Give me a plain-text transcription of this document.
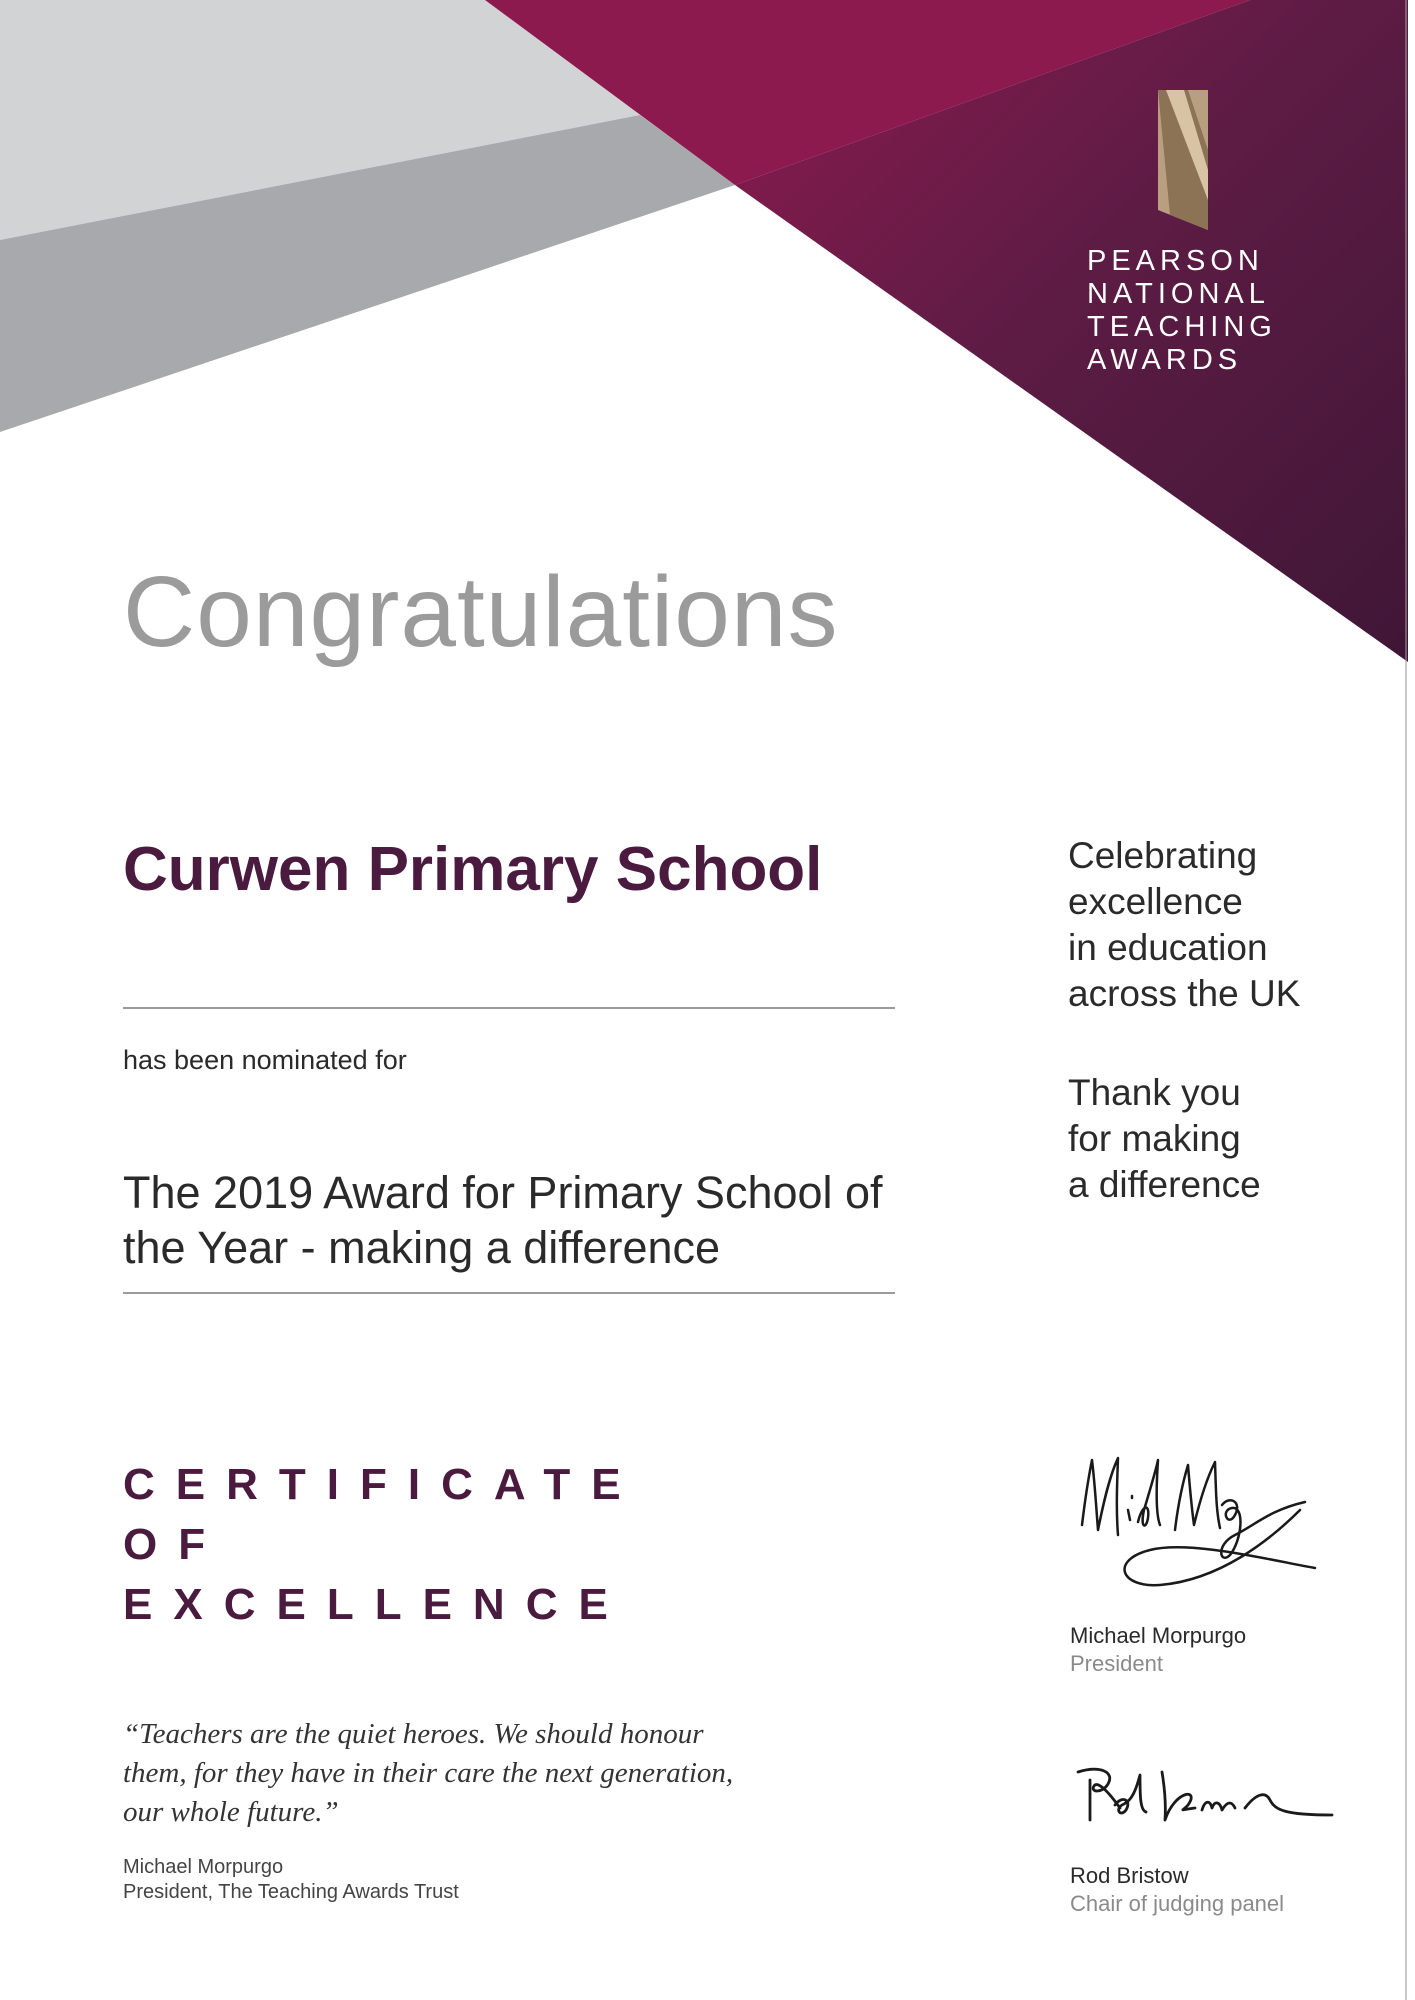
PEARSON
NATIONAL
TEACHING
AWARDS

Congratulations
Curwen Primary School

has been nominated for

The 2019 Award for Primary School of the Year - making a difference

CERTIFICATE OF EXCELLENCE

“Teachers are the quiet heroes. We should honour them, for they have in their care the next generation, our whole future.”

Michael Morpurgo
President, The Teaching Awards Trust

Celebrating
excellence
in education
across the UK

Thank you
for making
a difference

Michael Morpurgo
President

Rod Bristow
Chair of judging panel
